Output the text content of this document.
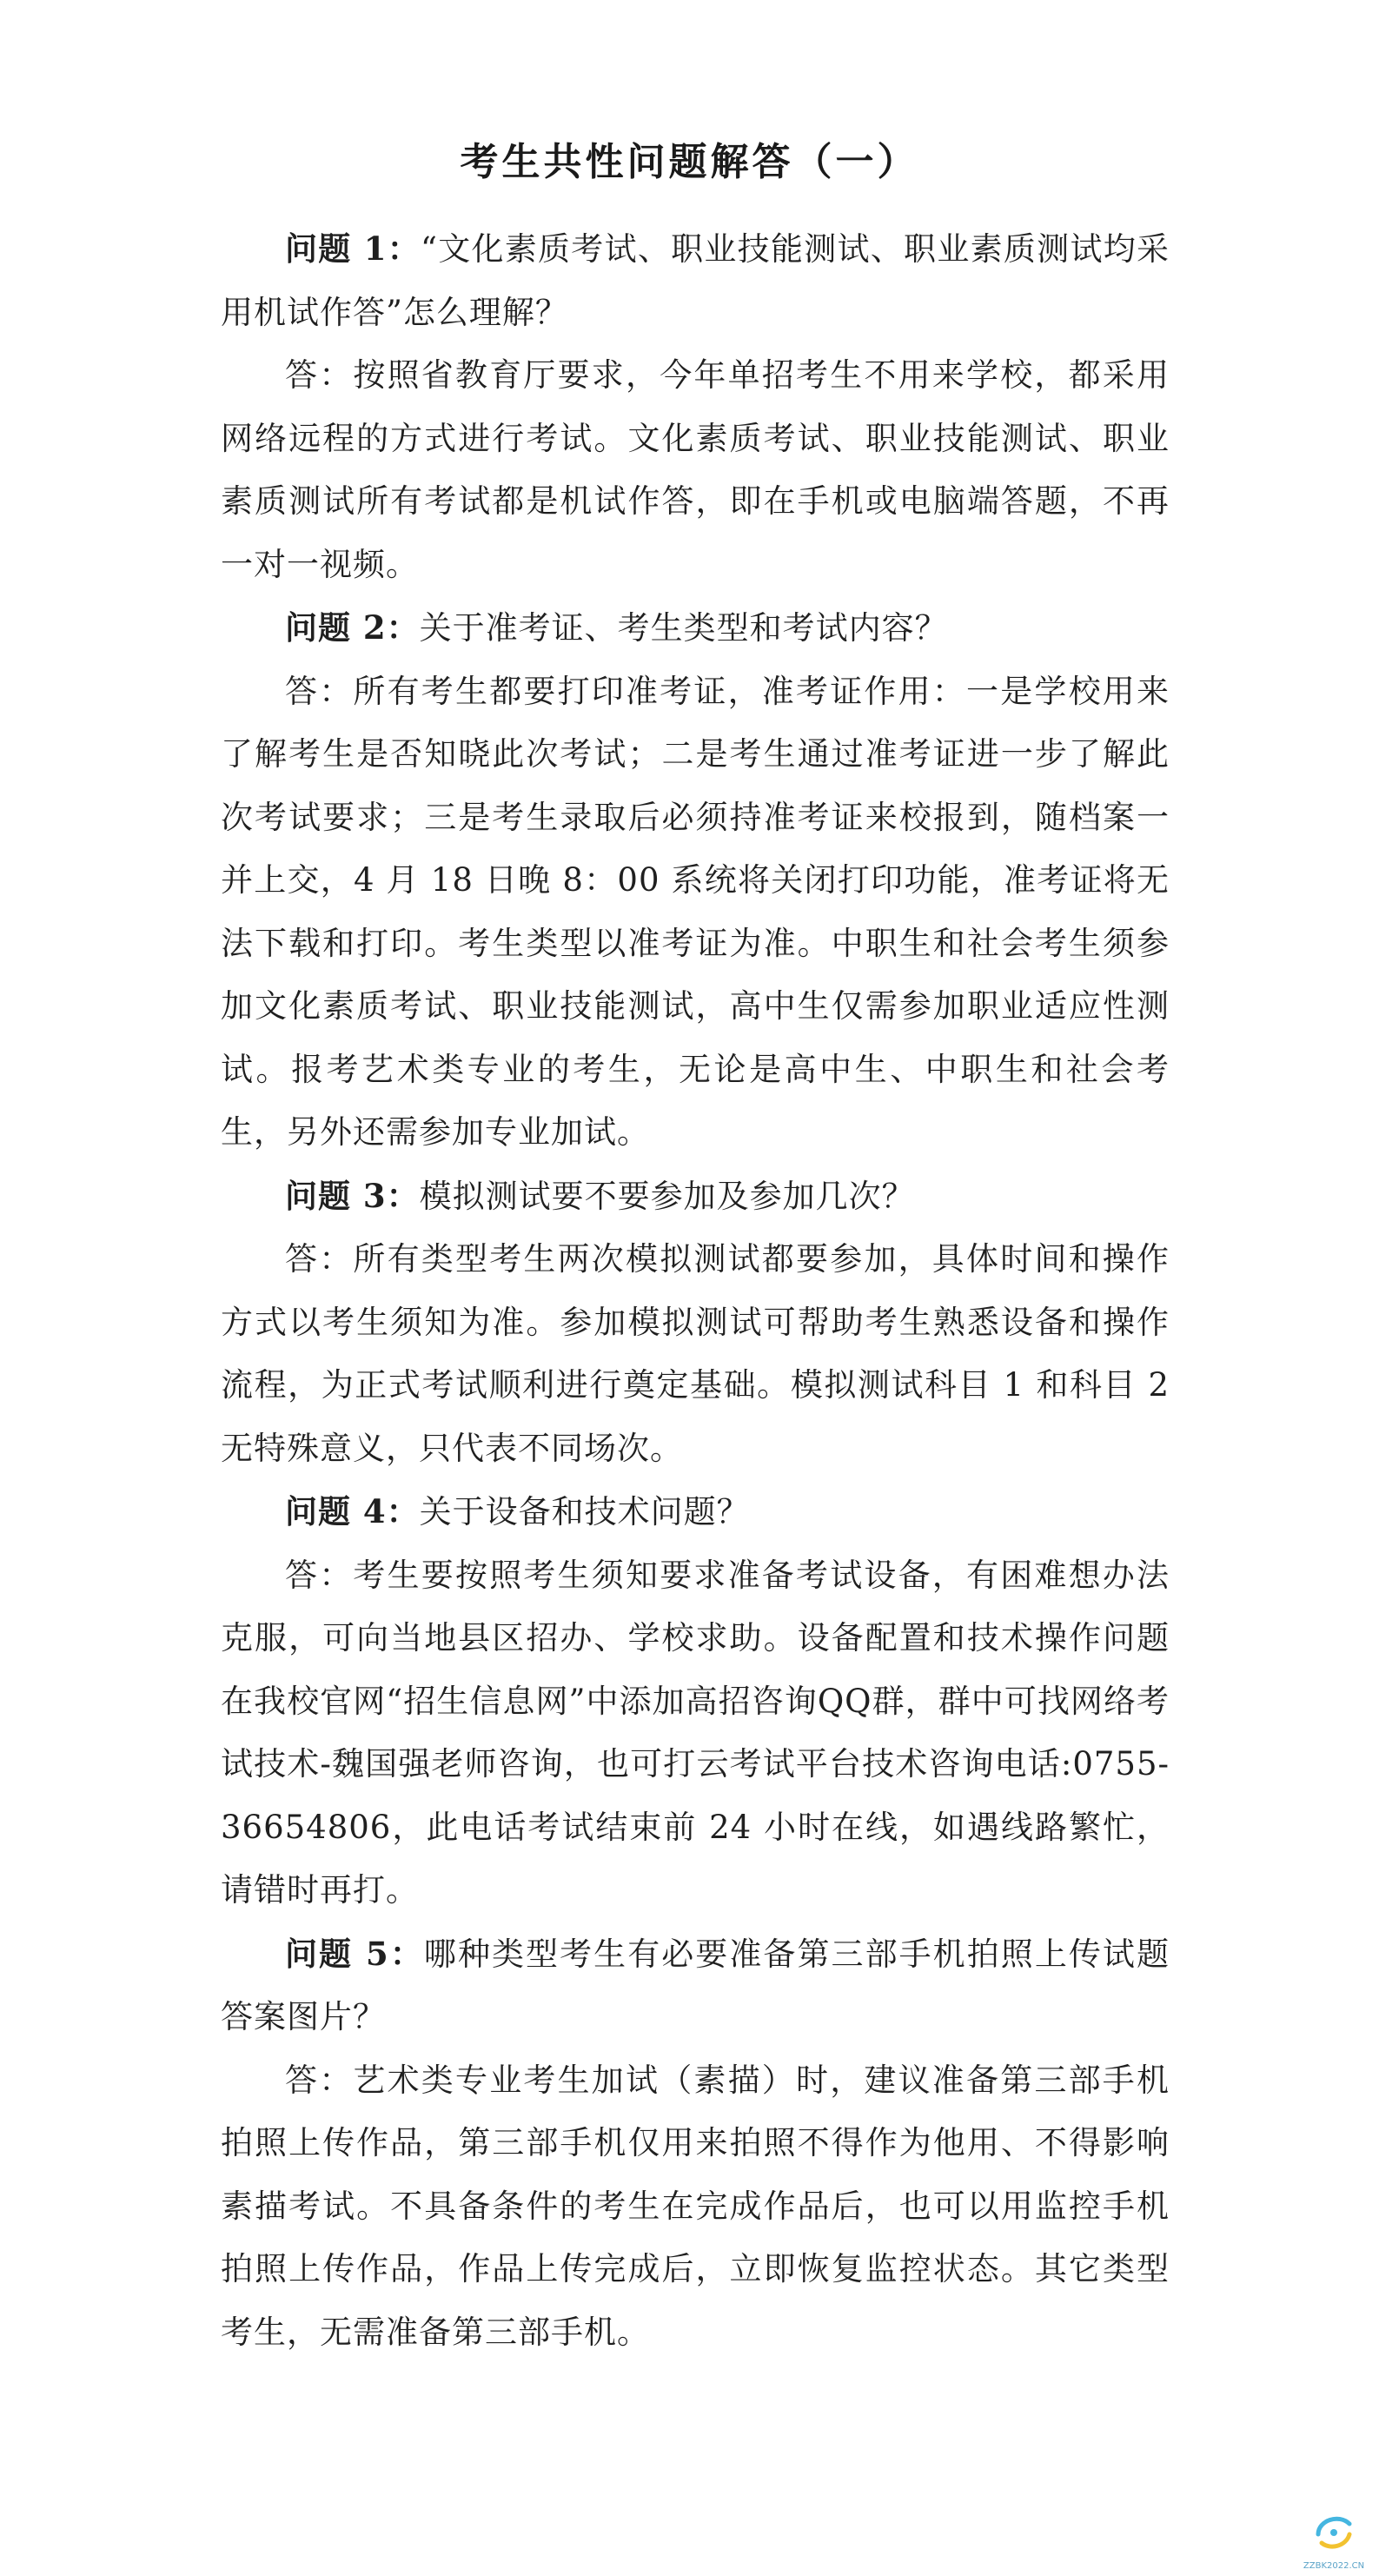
考生共性问题解答（一）

问题 1：“文化素质考试、职业技能测试、职业素质测试均采用机试作答”怎么理解？

答：按照省教育厅要求，今年单招考生不用来学校，都采用网络远程的方式进行考试。文化素质考试、职业技能测试、职业素质测试所有考试都是机试作答，即在手机或电脑端答题，不再一对一视频。

问题 2：关于准考证、考生类型和考试内容？

答：所有考生都要打印准考证，准考证作用：一是学校用来了解考生是否知晓此次考试；二是考生通过准考证进一步了解此次考试要求；三是考生录取后必须持准考证来校报到，随档案一并上交，4 月 18 日晚 8：00 系统将关闭打印功能，准考证将无法下载和打印。考生类型以准考证为准。中职生和社会考生须参加文化素质考试、职业技能测试，高中生仅需参加职业适应性测试。报考艺术类专业的考生，无论是高中生、中职生和社会考生，另外还需参加专业加试。

问题 3：模拟测试要不要参加及参加几次？

答：所有类型考生两次模拟测试都要参加，具体时间和操作方式以考生须知为准。参加模拟测试可帮助考生熟悉设备和操作流程，为正式考试顺利进行奠定基础。模拟测试科目 1 和科目 2 无特殊意义，只代表不同场次。

问题 4：关于设备和技术问题？

答：考生要按照考生须知要求准备考试设备，有困难想办法克服，可向当地县区招办、学校求助。设备配置和技术操作问题在我校官网“招生信息网”中添加高招咨询QQ群，群中可找网络考试技术-魏国强老师咨询，也可打云考试平台技术咨询电话:0755-36654806，此电话考试结束前 24 小时在线，如遇线路繁忙，请错时再打。

问题 5：哪种类型考生有必要准备第三部手机拍照上传试题答案图片？

答：艺术类专业考生加试（素描）时，建议准备第三部手机拍照上传作品，第三部手机仅用来拍照不得作为他用、不得影响素描考试。不具备条件的考生在完成作品后，也可以用监控手机拍照上传作品，作品上传完成后，立即恢复监控状态。其它类型考生，无需准备第三部手机。

ZZBK2022.CN
